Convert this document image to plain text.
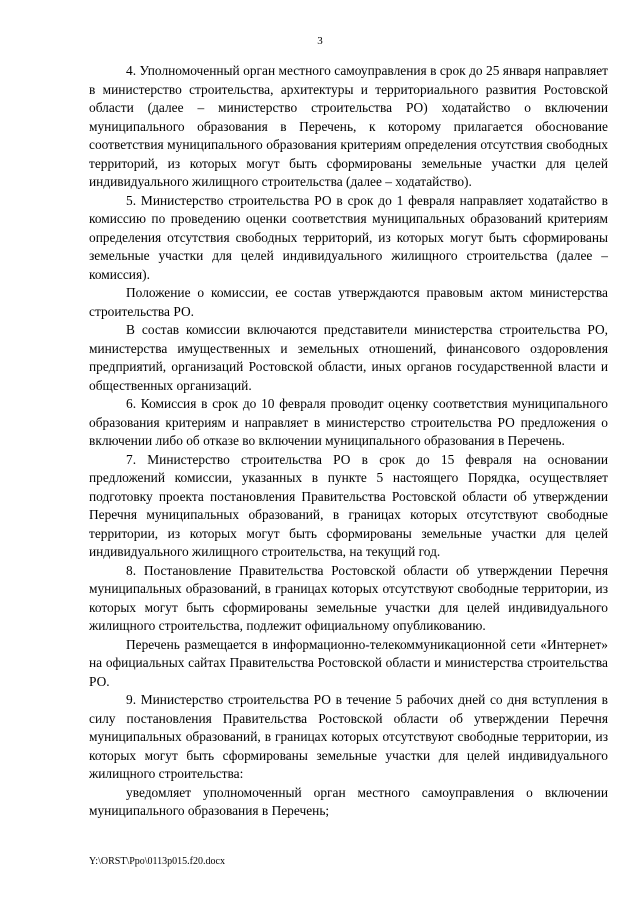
3

4. Уполномоченный орган местного самоуправления в срок до 25 января направляет в министерство строительства, архитектуры и территориального развития Ростовской области (далее – министерство строительства РО) ходатайство о включении муниципального образования в Перечень, к которому прилагается обоснование соответствия муниципального образования критериям определения отсутствия свободных территорий, из которых могут быть сформированы земельные участки для целей индивидуального жилищного строительства (далее – ходатайство).

5. Министерство строительства РО в срок до 1 февраля направляет ходатайство в комиссию по проведению оценки соответствия муниципальных образований критериям определения отсутствия свободных территорий, из которых могут быть сформированы земельные участки для целей индивидуального жилищного строительства (далее – комиссия).

Положение о комиссии, ее состав утверждаются правовым актом министерства строительства РО.

В состав комиссии включаются представители министерства строительства РО, министерства имущественных и земельных отношений, финансового оздоровления предприятий, организаций Ростовской области, иных органов государственной власти и общественных организаций.

6. Комиссия в срок до 10 февраля проводит оценку соответствия муниципального образования критериям и направляет в министерство строительства РО предложения о включении либо об отказе во включении муниципального образования в Перечень.

7. Министерство строительства РО в срок до 15 февраля на основании предложений комиссии, указанных в пункте 5 настоящего Порядка, осуществляет подготовку проекта постановления Правительства Ростовской области об утверждении Перечня муниципальных образований, в границах которых отсутствуют свободные территории, из которых могут быть сформированы земельные участки для целей индивидуального жилищного строительства, на текущий год.

8. Постановление Правительства Ростовской области об утверждении Перечня муниципальных образований, в границах которых отсутствуют свободные территории, из которых могут быть сформированы земельные участки для целей индивидуального жилищного строительства, подлежит официальному опубликованию.

Перечень размещается в информационно-телекоммуникационной сети «Интернет» на официальных сайтах Правительства Ростовской области и министерства строительства РО.

9. Министерство строительства РО в течение 5 рабочих дней со дня вступления в силу постановления Правительства Ростовской области об утверждении Перечня муниципальных образований, в границах которых отсутствуют свободные территории, из которых могут быть сформированы земельные участки для целей индивидуального жилищного строительства:

уведомляет уполномоченный орган местного самоуправления о включении муниципального образования в Перечень;

Y:\ORST\Ppo\0113p015.f20.docx
